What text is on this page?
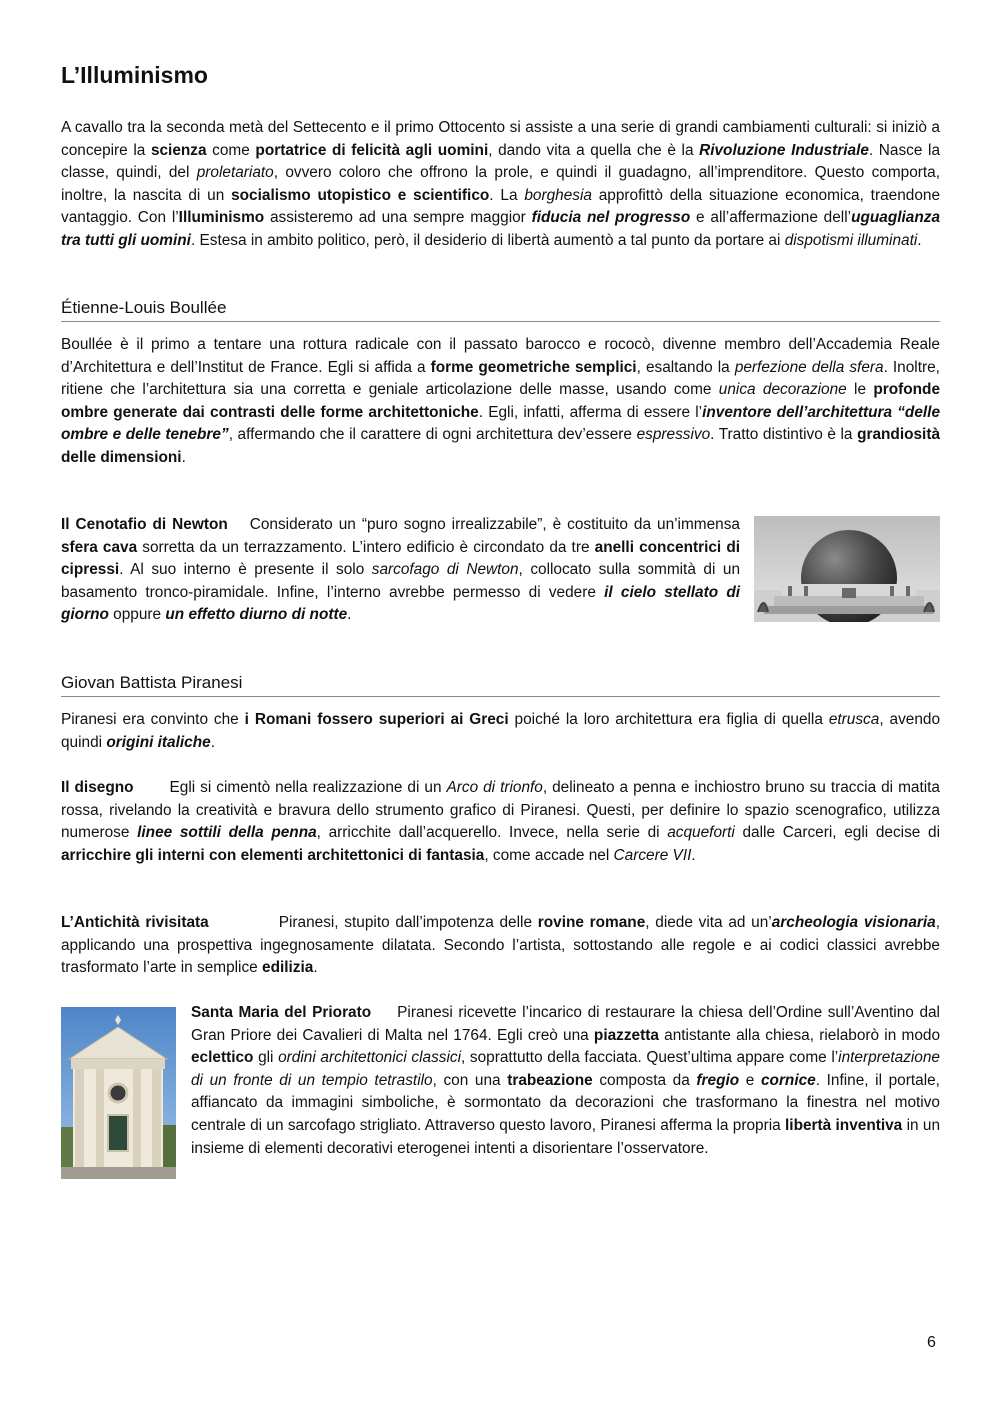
L’Illuminismo

A cavallo tra la seconda metà del Settecento e il primo Ottocento si assiste a una serie di grandi cambiamenti culturali: si iniziò a concepire la scienza come portatrice di felicità agli uomini, dando vita a quella che è la Rivoluzione Industriale. Nasce la classe, quindi, del proletariato, ovvero coloro che offrono la prole, e quindi il guadagno, all’imprenditore. Questo comporta, inoltre, la nascita di un socialismo utopistico e scientifico. La borghesia approfittò della situazione economica, traendone vantaggio. Con l’Illuminismo assisteremo ad una sempre maggior fiducia nel progresso e all’affermazione dell’uguaglianza tra tutti gli uomini. Estesa in ambito politico, però, il desiderio di libertà aumentò a tal punto da portare ai dispotismi illuminati.

Étienne-Louis Boullée

Boullée è il primo a tentare una rottura radicale con il passato barocco e rococò, divenne membro dell’Accademia Reale d’Architettura e dell’Institut de France. Egli si affida a forme geometriche semplici, esaltando la perfezione della sfera. Inoltre, ritiene che l’architettura sia una corretta e geniale articolazione delle masse, usando come unica decorazione le profonde ombre generate dai contrasti delle forme architettoniche. Egli, infatti, afferma di essere l’inventore dell’architettura “delle ombre e delle tenebre”, affermando che il carattere di ogni architettura dev’essere espressivo. Tratto distintivo è la grandiosità delle dimensioni.

Il Cenotafio di Newton Considerato un “puro sogno irrealizzabile”, è costituito da un’immensa sfera cava sorretta da un terrazzamento. L’intero edificio è circondato da tre anelli concentrici di cipressi. Al suo interno è presente il solo sarcofago di Newton, collocato sulla sommità di un basamento tronco-piramidale. Infine, l’interno avrebbe permesso di vedere il cielo stellato di giorno oppure un effetto diurno di notte.

Giovan Battista Piranesi

Piranesi era convinto che i Romani fossero superiori ai Greci poiché la loro architettura era figlia di quella etrusca, avendo quindi origini italiche.

Il disegno Egli si cimentò nella realizzazione di un Arco di trionfo, delineato a penna e inchiostro bruno su traccia di matita rossa, rivelando la creatività e bravura dello strumento grafico di Piranesi. Questi, per definire lo spazio scenografico, utilizza numerose linee sottili della penna, arricchite dall’acquerello. Invece, nella serie di acqueforti dalle Carceri, egli decise di arricchire gli interni con elementi architettonici di fantasia, come accade nel Carcere VII.

L’Antichità rivisitata	Piranesi, stupito dall’impotenza delle rovine romane, diede vita ad un’archeologia visionaria, applicando una prospettiva ingegnosamente dilatata. Secondo l’artista, sottostando alle regole e ai codici classici avrebbe trasformato l’arte in semplice edilizia.

Santa Maria del Priorato Piranesi ricevette l’incarico di restaurare la chiesa dell’Ordine sull’Aventino dal Gran Priore dei Cavalieri di Malta nel 1764. Egli creò una piazzetta antistante alla chiesa, rielaborò in modo eclettico gli ordini architettonici classici, soprattutto della facciata. Quest’ultima appare come l’interpretazione di un fronte di un tempio tetrastilo, con una trabeazione composta da fregio e cornice. Infine, il portale, affiancato da immagini simboliche, è sormontato da decorazioni che trasformano la finestra nel motivo centrale di un sarcofago strigliato. Attraverso questo lavoro, Piranesi afferma la propria libertà inventiva in un insieme di elementi decorativi eterogenei intenti a disorientare l’osservatore.

6
